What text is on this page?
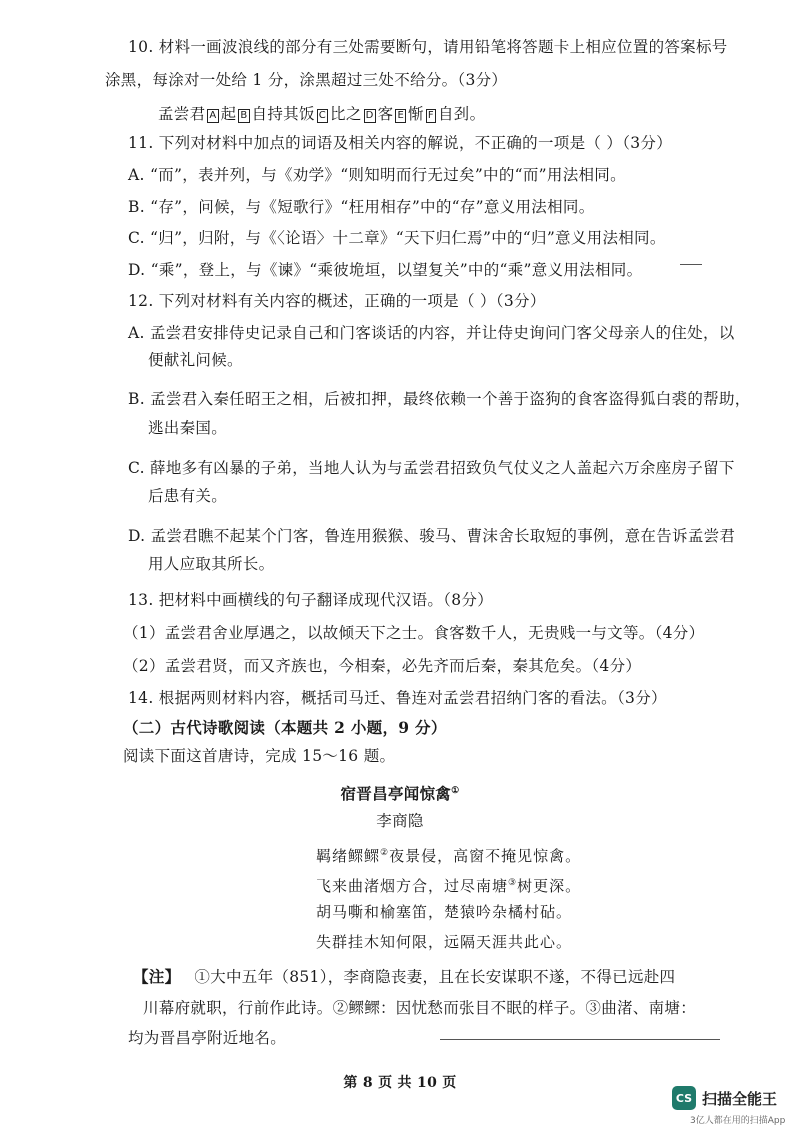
10. 材料一画波浪线的部分有三处需要断句，请用铅笔将答题卡上相应位置的答案标号
涂黑，每涂对一处给 1 分，涂黑超过三处不给分。（3分）
孟尝君 A 起 B 自持其饭 C 比之 D 客 E 惭 F 自刭。
11. 下列对材料中加点的词语及相关内容的解说，不正确的一项是（ ）（3分）
A. “而”，表并列，与《劝学》“则知明而行无过矣”中的“而”用法相同。
B. “存”，问候，与《短歌行》“枉用相存”中的“存”意义用法相同。
C. “归”，归附，与《〈论语〉十二章》“天下归仁焉”中的“归”意义用法相同。
D. “乘”，登上，与《谏》“乘彼垝垣，以望复关”中的“乘”意义用法相同。
12. 下列对材料有关内容的概述，正确的一项是（ ）（3分）
A. 孟尝君安排侍史记录自己和门客谈话的内容，并让侍史询问门客父母亲人的住处，以
便献礼问候。
B. 孟尝君入秦任昭王之相，后被扣押，最终依赖一个善于盗狗的食客盗得狐白裘的帮助，
逃出秦国。
C. 薛地多有凶暴的子弟，当地人认为与孟尝君招致负气仗义之人盖起六万余座房子留下
后患有关。
D. 孟尝君瞧不起某个门客，鲁连用猴猴、骏马、曹沫舍长取短的事例，意在告诉孟尝君
用人应取其所长。
13. 把材料中画横线的句子翻译成现代汉语。（8分）
（1）孟尝君舍业厚遇之，以故倾天下之士。食客数千人，无贵贱一与文等。（4分）
（2）孟尝君贤，而又齐族也，今相秦，必先齐而后秦，秦其危矣。（4分）
14. 根据两则材料内容，概括司马迁、鲁连对孟尝君招纳门客的看法。（3分）
（二）古代诗歌阅读（本题共 2 小题，9 分）
阅读下面这首唐诗，完成 15～16 题。
宿晋昌亭闻惊禽①
李商隐
羁绪鳏鳏②夜景侵，高窗不掩见惊禽。
飞来曲渚烟方合，过尽南塘③树更深。
胡马嘶和榆塞笛，楚猿吟杂橘村砧。
失群挂木知何限，远隔天涯共此心。
【注】 ①大中五年（851），李商隐丧妻，且在长安谋职不遂，不得已远赴四
川幕府就职，行前作此诗。②鳏鳏：因忧愁而张目不眠的样子。③曲渚、南塘：
均为晋昌亭附近地名。
第 8 页 共 10 页
CS 扫描全能王
3亿人都在用的扫描App
